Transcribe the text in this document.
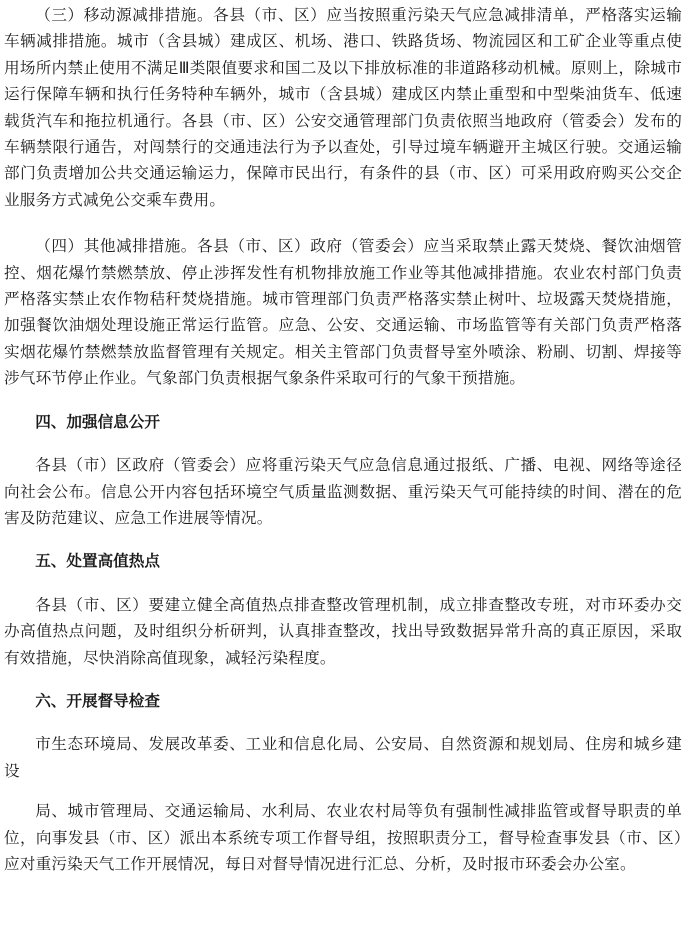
（三）移动源减排措施。各县（市、区）应当按照重污染天气应急减排清单，严格落实运输车辆减排措施。城市（含县城）建成区、机场、港口、铁路货场、物流园区和工矿企业等重点使用场所内禁止使用不满足Ⅲ类限值要求和国二及以下排放标准的非道路移动机械。原则上，除城市运行保障车辆和执行任务特种车辆外，城市（含县城）建成区内禁止重型和中型柴油货车、低速载货汽车和拖拉机通行。各县（市、区）公安交通管理部门负责依照当地政府（管委会）发布的车辆禁限行通告，对闯禁行的交通违法行为予以查处，引导过境车辆避开主城区行驶。交通运输部门负责增加公共交通运输运力，保障市民出行，有条件的县（市、区）可采用政府购买公交企业服务方式减免公交乘车费用。

（四）其他减排措施。各县（市、区）政府（管委会）应当采取禁止露天焚烧、餐饮油烟管控、烟花爆竹禁燃禁放、停止涉挥发性有机物排放施工作业等其他减排措施。农业农村部门负责严格落实禁止农作物秸秆焚烧措施。城市管理部门负责严格落实禁止树叶、垃圾露天焚烧措施，加强餐饮油烟处理设施正常运行监管。应急、公安、交通运输、市场监管等有关部门负责严格落实烟花爆竹禁燃禁放监督管理有关规定。相关主管部门负责督导室外喷涂、粉刷、切割、焊接等涉气环节停止作业。气象部门负责根据气象条件采取可行的气象干预措施。

四、加强信息公开

各县（市）区政府（管委会）应将重污染天气应急信息通过报纸、广播、电视、网络等途径向社会公布。信息公开内容包括环境空气质量监测数据、重污染天气可能持续的时间、潜在的危害及防范建议、应急工作进展等情况。

五、处置高值热点

各县（市、区）要建立健全高值热点排查整改管理机制，成立排查整改专班，对市环委办交办高值热点问题，及时组织分析研判，认真排查整改，找出导致数据异常升高的真正原因，采取有效措施，尽快消除高值现象，减轻污染程度。

六、开展督导检查

市生态环境局、发展改革委、工业和信息化局、公安局、自然资源和规划局、住房和城乡建设

局、城市管理局、交通运输局、水利局、农业农村局等负有强制性减排监管或督导职责的单位，向事发县（市、区）派出本系统专项工作督导组，按照职责分工，督导检查事发县（市、区）应对重污染天气工作开展情况，每日对督导情况进行汇总、分析，及时报市环委会办公室。
